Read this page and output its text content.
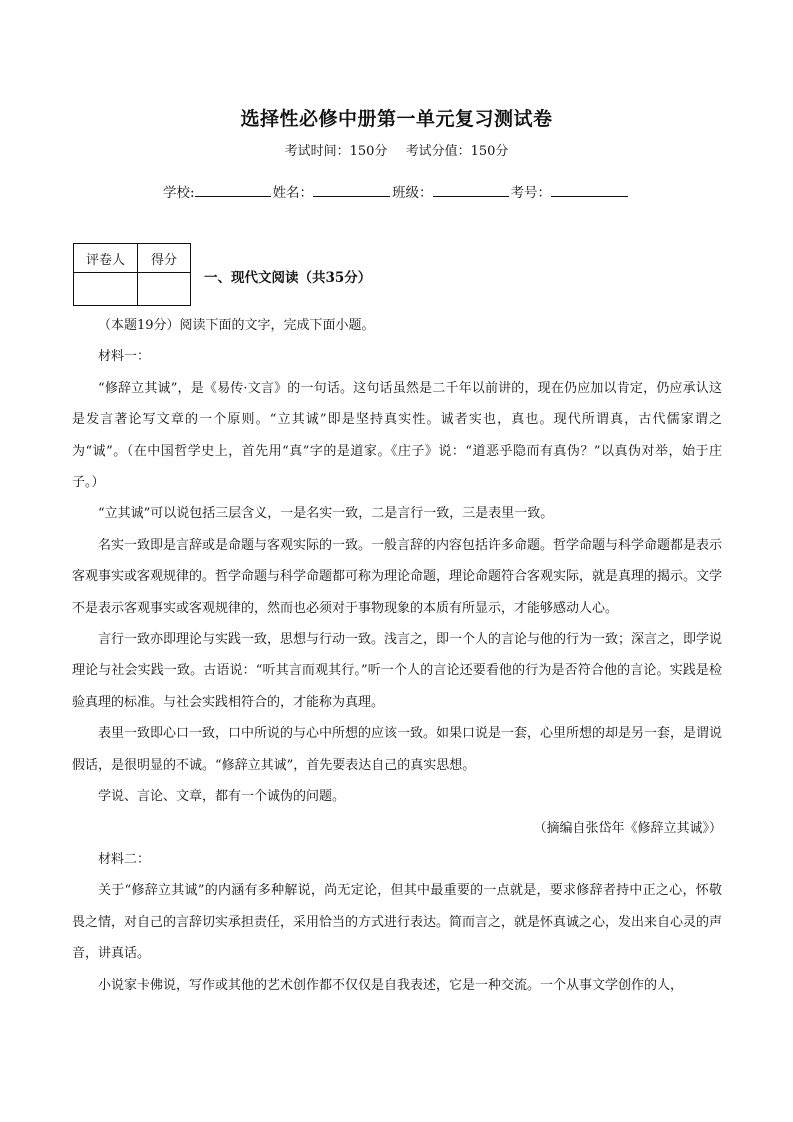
选择性必修中册第一单元复习测试卷
考试时间：150分 考试分值：150分
学校:	姓名：	班级：	考号：
评卷人	得分

一、现代文阅读（共35分）

（本题19分）阅读下面的文字，完成下面小题。

材料一：

“修辞立其诚”，是《易传·文言》的一句话。这句话虽然是二千年以前讲的，现在仍应加以肯定，仍应承认这是发言著论写文章的一个原则。“立其诚”即是坚持真实性。诚者实也，真也。现代所谓真，古代儒家谓之为“诚”。（在中国哲学史上，首先用“真”字的是道家。《庄子》说：“道恶乎隐而有真伪？”以真伪对举，始于庄子。）

“立其诚”可以说包括三层含义，一是名实一致，二是言行一致，三是表里一致。

名实一致即是言辞或是命题与客观实际的一致。一般言辞的内容包括许多命题。哲学命题与科学命题都是表示客观事实或客观规律的。哲学命题与科学命题都可称为理论命题，理论命题符合客观实际，就是真理的揭示。文学不是表示客观事实或客观规律的，然而也必须对于事物现象的本质有所显示，才能够感动人心。

言行一致亦即理论与实践一致，思想与行动一致。浅言之，即一个人的言论与他的行为一致；深言之，即学说理论与社会实践一致。古语说：“听其言而观其行。”听一个人的言论还要看他的行为是否符合他的言论。实践是检验真理的标准。与社会实践相符合的，才能称为真理。

表里一致即心口一致，口中所说的与心中所想的应该一致。如果口说是一套，心里所想的却是另一套，是谓说假话，是很明显的不诚。“修辞立其诚”，首先要表达自己的真实思想。

学说、言论、文章，都有一个诚伪的问题。

（摘编自张岱年《修辞立其诚》）

材料二：

关于“修辞立其诚”的内涵有多种解说，尚无定论，但其中最重要的一点就是，要求修辞者持中正之心，怀敬畏之情，对自己的言辞切实承担责任，采用恰当的方式进行表达。简而言之，就是怀真诚之心，发出来自心灵的声音，讲真话。

小说家卡佛说，写作或其他的艺术创作都不仅仅是自我表述，它是一种交流。一个从事文学创作的人，
